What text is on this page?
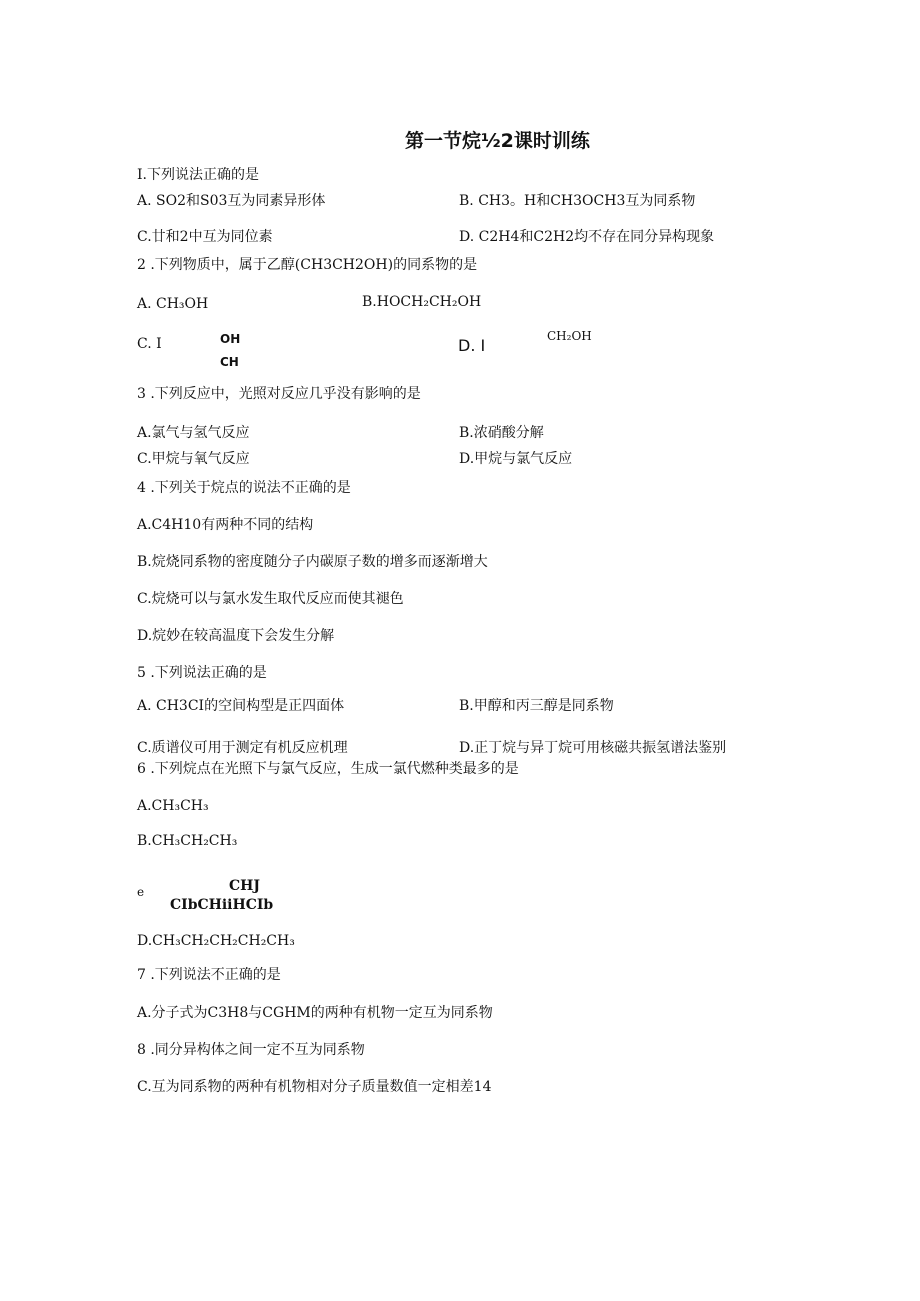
第一节烷½2课时训练
I.下列说法正确的是
A. SO2和S03互为同素异形体	B. CH3。H和CH3OCH3互为同系物
C.廿和2中互为同位素	D. C2H4和C2H2均不存在同分异构现象
2 .下列物质中，属于乙醇(CH3CH2OH)的同系物的是
A. CH₃OH	B.HOCH₂CH₂OH
C. I	OH
CH
D. I	CH₂OH
3 .下列反应中，光照对反应几乎没有影响的是
A.氯气与氢气反应	B.浓硝酸分解
C.甲烷与氧气反应	D.甲烷与氯气反应
4 .下列关于烷点的说法不正确的是
A.C4H10有两种不同的结构
B.烷烧同系物的密度随分子内碳原子数的增多而逐渐增大
C.烷烧可以与氯水发生取代反应而使其褪色
D.烷妙在较高温度下会发生分解
5 .下列说法正确的是
A. CH3CI的空间构型是正四面体	B.甲醇和丙三醇是同系物
C.质谱仪可用于测定有机反应机理	D.正丁烷与异丁烷可用核磁共振氢谱法鉴别
6 .下列烷点在光照下与氯气反应，生成一氯代燃种类最多的是
A.CH₃CH₃
B.CH₃CH₂CH₃
e	CHJ
CIbCHiiHCIb
D.CH₃CH₂CH₂CH₂CH₃
7 .下列说法不正确的是
A.分子式为C3H8与CGHM的两种有机物一定互为同系物
8 .同分异构体之间一定不互为同系物
C.互为同系物的两种有机物相对分子质量数值一定相差14
